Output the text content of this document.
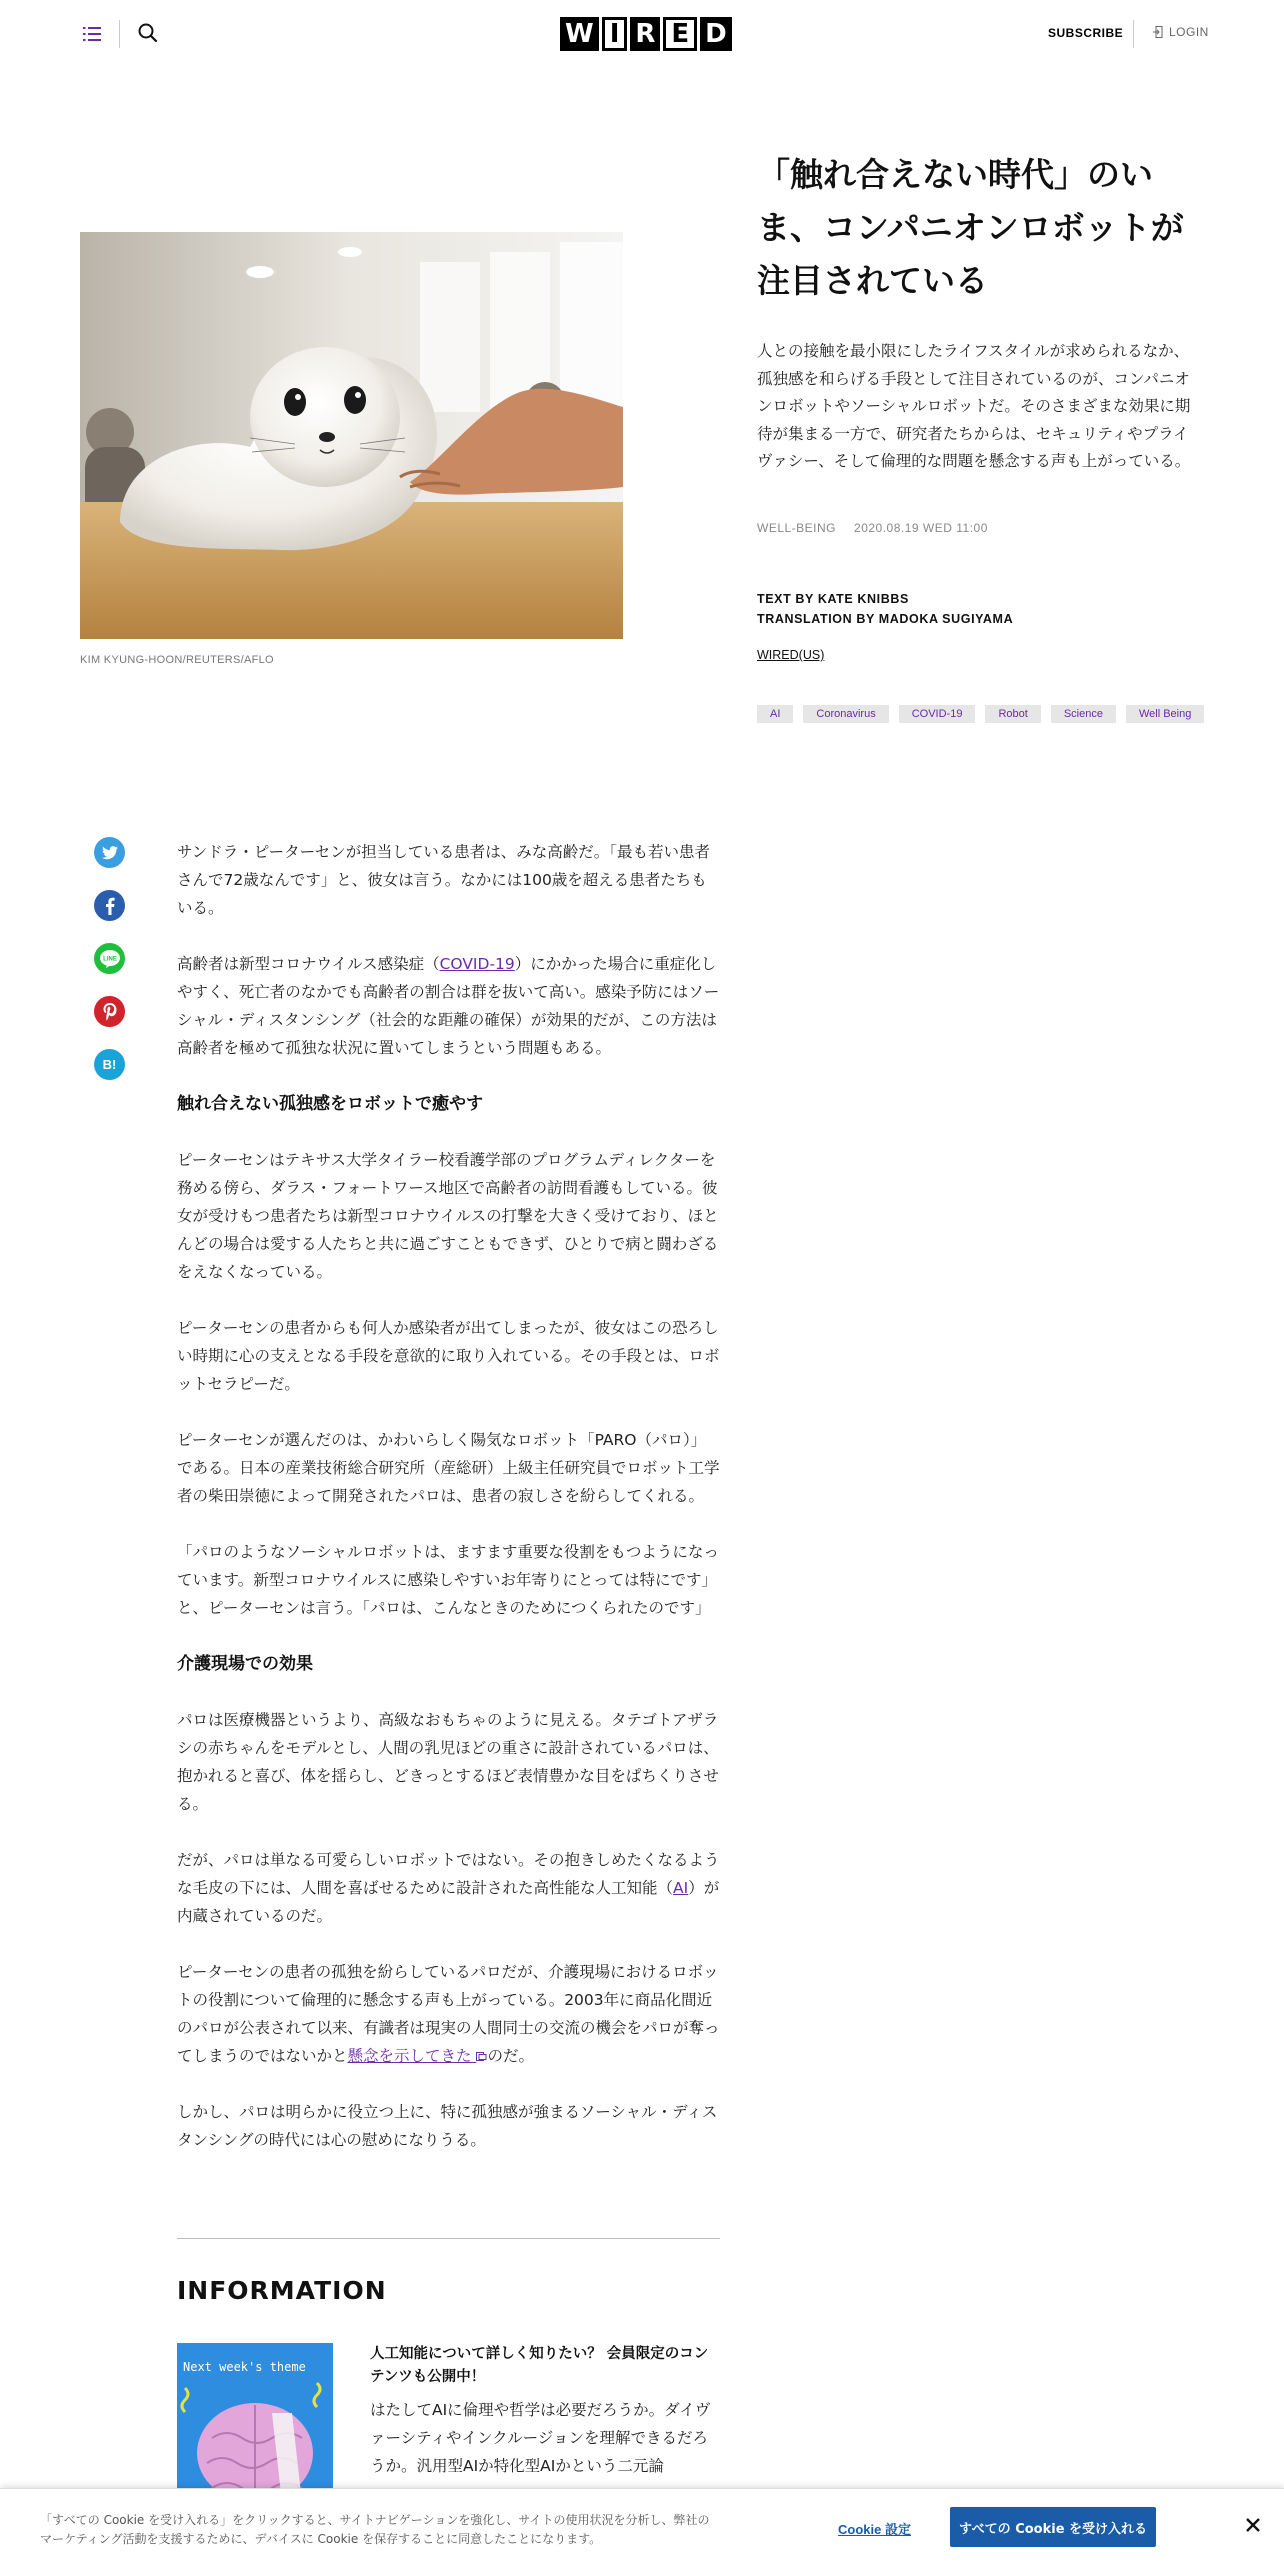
W I R E D	SUBSCRIBE	LOGIN
KIM KYUNG-HOON/REUTERS/AFLO
「触れ合えない時代」のいま、コンパニオンロボットが注目されている

人との接触を最小限にしたライフスタイルが求められるなか、孤独感を和らげる手段として注目されているのが、コンパニオンロボットやソーシャルロボットだ。そのさまざまな効果に期待が集まる一方で、研究者たちからは、セキュリティやプライヴァシー、そして倫理的な問題を懸念する声も上がっている。

WELL-BEING 2020.08.19 WED 11:00
TEXT BY KATE KNIBBS
TRANSLATION BY MADOKA SUGIYAMA
WIRED(US)
AI	Coronavirus	COVID-19	Robot	Science	Well Being
LINE
B!

サンドラ・ピーターセンが担当している患者は、みな高齢だ。「最も若い患者さんで72歳なんです」と、彼女は言う。なかには100歳を超える患者たちもいる。

高齢者は新型コロナウイルス感染症（COVID-19）にかかった場合に重症化しやすく、死亡者のなかでも高齢者の割合は群を抜いて高い。感染予防にはソーシャル・ディスタンシング（社会的な距離の確保）が効果的だが、この方法は高齢者を極めて孤独な状況に置いてしまうという問題もある。

触れ合えない孤独感をロボットで癒やす

ピーターセンはテキサス大学タイラー校看護学部のプログラムディレクターを務める傍ら、ダラス・フォートワース地区で高齢者の訪問看護もしている。彼女が受けもつ患者たちは新型コロナウイルスの打撃を大きく受けており、ほとんどの場合は愛する人たちと共に過ごすこともできず、ひとりで病と闘わざるをえなくなっている。

ピーターセンの患者からも何人か感染者が出てしまったが、彼女はこの恐ろしい時期に心の支えとなる手段を意欲的に取り入れている。その手段とは、ロボットセラピーだ。

ピーターセンが選んだのは、かわいらしく陽気なロボット「PARO（パロ）」である。日本の産業技術総合研究所（産総研）上級主任研究員でロボット工学者の柴田崇徳によって開発されたパロは、患者の寂しさを紛らしてくれる。

「パロのようなソーシャルロボットは、ますます重要な役割をもつようになっています。新型コロナウイルスに感染しやすいお年寄りにとっては特にです」と、ピーターセンは言う。「パロは、こんなときのためにつくられたのです」

介護現場での効果

パロは医療機器というより、高級なおもちゃのように見える。タテゴトアザラシの赤ちゃんをモデルとし、人間の乳児ほどの重さに設計されているパロは、抱かれると喜び、体を揺らし、どきっとするほど表情豊かな目をぱちくりさせる。

だが、パロは単なる可愛らしいロボットではない。その抱きしめたくなるような毛皮の下には、人間を喜ばせるために設計された高性能な人工知能（AI）が内蔵されているのだ。

ピーターセンの患者の孤独を紛らしているパロだが、介護現場におけるロボットの役割について倫理的に懸念する声も上がっている。2003年に商品化間近のパロが公表されて以来、有識者は現実の人間同士の交流の機会をパロが奪ってしまうのではないかと懸念を示してきた のだ。

しかし、パロは明らかに役立つ上に、特に孤独感が強まるソーシャル・ディスタンシングの時代には心の慰めになりうる。

INFORMATION
Next week's theme
人工知能について詳しく知りたい？ 会員限定のコンテンツも公開中！
はたしてAIに倫理や哲学は必要だろうか。ダイヴァーシティやインクルージョンを理解できるだろうか。汎用型AIか特化型AIかという二元論
「すべての Cookie を受け入れる」をクリックすると、サイトナビゲーションを強化し、サイトの使用状況を分析し、弊社のマーケティング活動を支援するために、デバイスに Cookie を保存することに同意したことになります。
Cookie 設定	すべての Cookie を受け入れる
